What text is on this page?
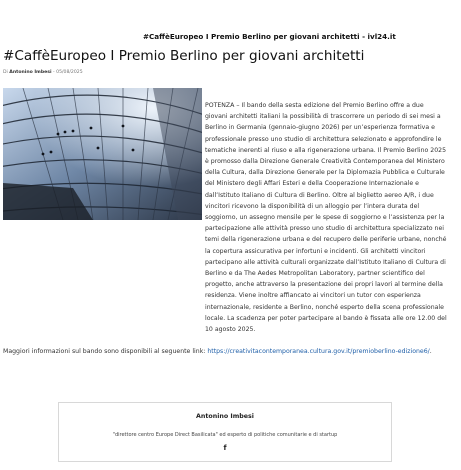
#CaffèEuropeo I Premio Berlino per giovani architetti - ivl24.it
#CaffèEuropeo I Premio Berlino per giovani architetti
Di Antonino Imbesi - 05/08/2025

POTENZA – Il bando della sesta edizione del Premio Berlino offre a due giovani architetti italiani la possibilità di trascorrere un periodo di sei mesi a Berlino in Germania (gennaio-giugno 2026) per un’esperienza formativa e professionale presso uno studio di architettura selezionato e approfondire le tematiche inerenti al riuso e alla rigenerazione urbana. Il Premio Berlino 2025 è promosso dalla Direzione Generale Creatività Contemporanea del Ministero della Cultura, dalla Direzione Generale per la Diplomazia Pubblica e Culturale del Ministero degli Affari Esteri e della Cooperazione Internazionale e dall’Istituto Italiano di Cultura di Berlino. Oltre al biglietto aereo A/R, i due vincitori ricevono la disponibilità di un alloggio per l’intera durata del soggiorno, un assegno mensile per le spese di soggiorno e l’assistenza per la partecipazione alle attività presso uno studio di architettura specializzato nei temi della rigenerazione urbana e del recupero delle periferie urbane, nonché la copertura assicurativa per infortuni e incidenti. Gli architetti vincitori partecipano alle attività culturali organizzate dall’Istituto Italiano di Cultura di Berlino e da The Aedes Metropolitan Laboratory, partner scientifico del progetto, anche attraverso la presentazione dei propri lavori al termine della residenza. Viene inoltre affiancato ai vincitori un tutor con esperienza internazionale, residente a Berlino, nonché esperto della scena professionale locale. La scadenza per poter partecipare al bando è fissata alle ore 12.00 del 10 agosto 2025.

Maggiori informazioni sul bando sono disponibili al seguente link: https://creativitacontemporanea.cultura.gov.it/premioberlino-edizione6/.

Antonino Imbesi
"direttore centro Europe Direct Basilicata" ed esperto di politiche comunitarie e di startup
f
